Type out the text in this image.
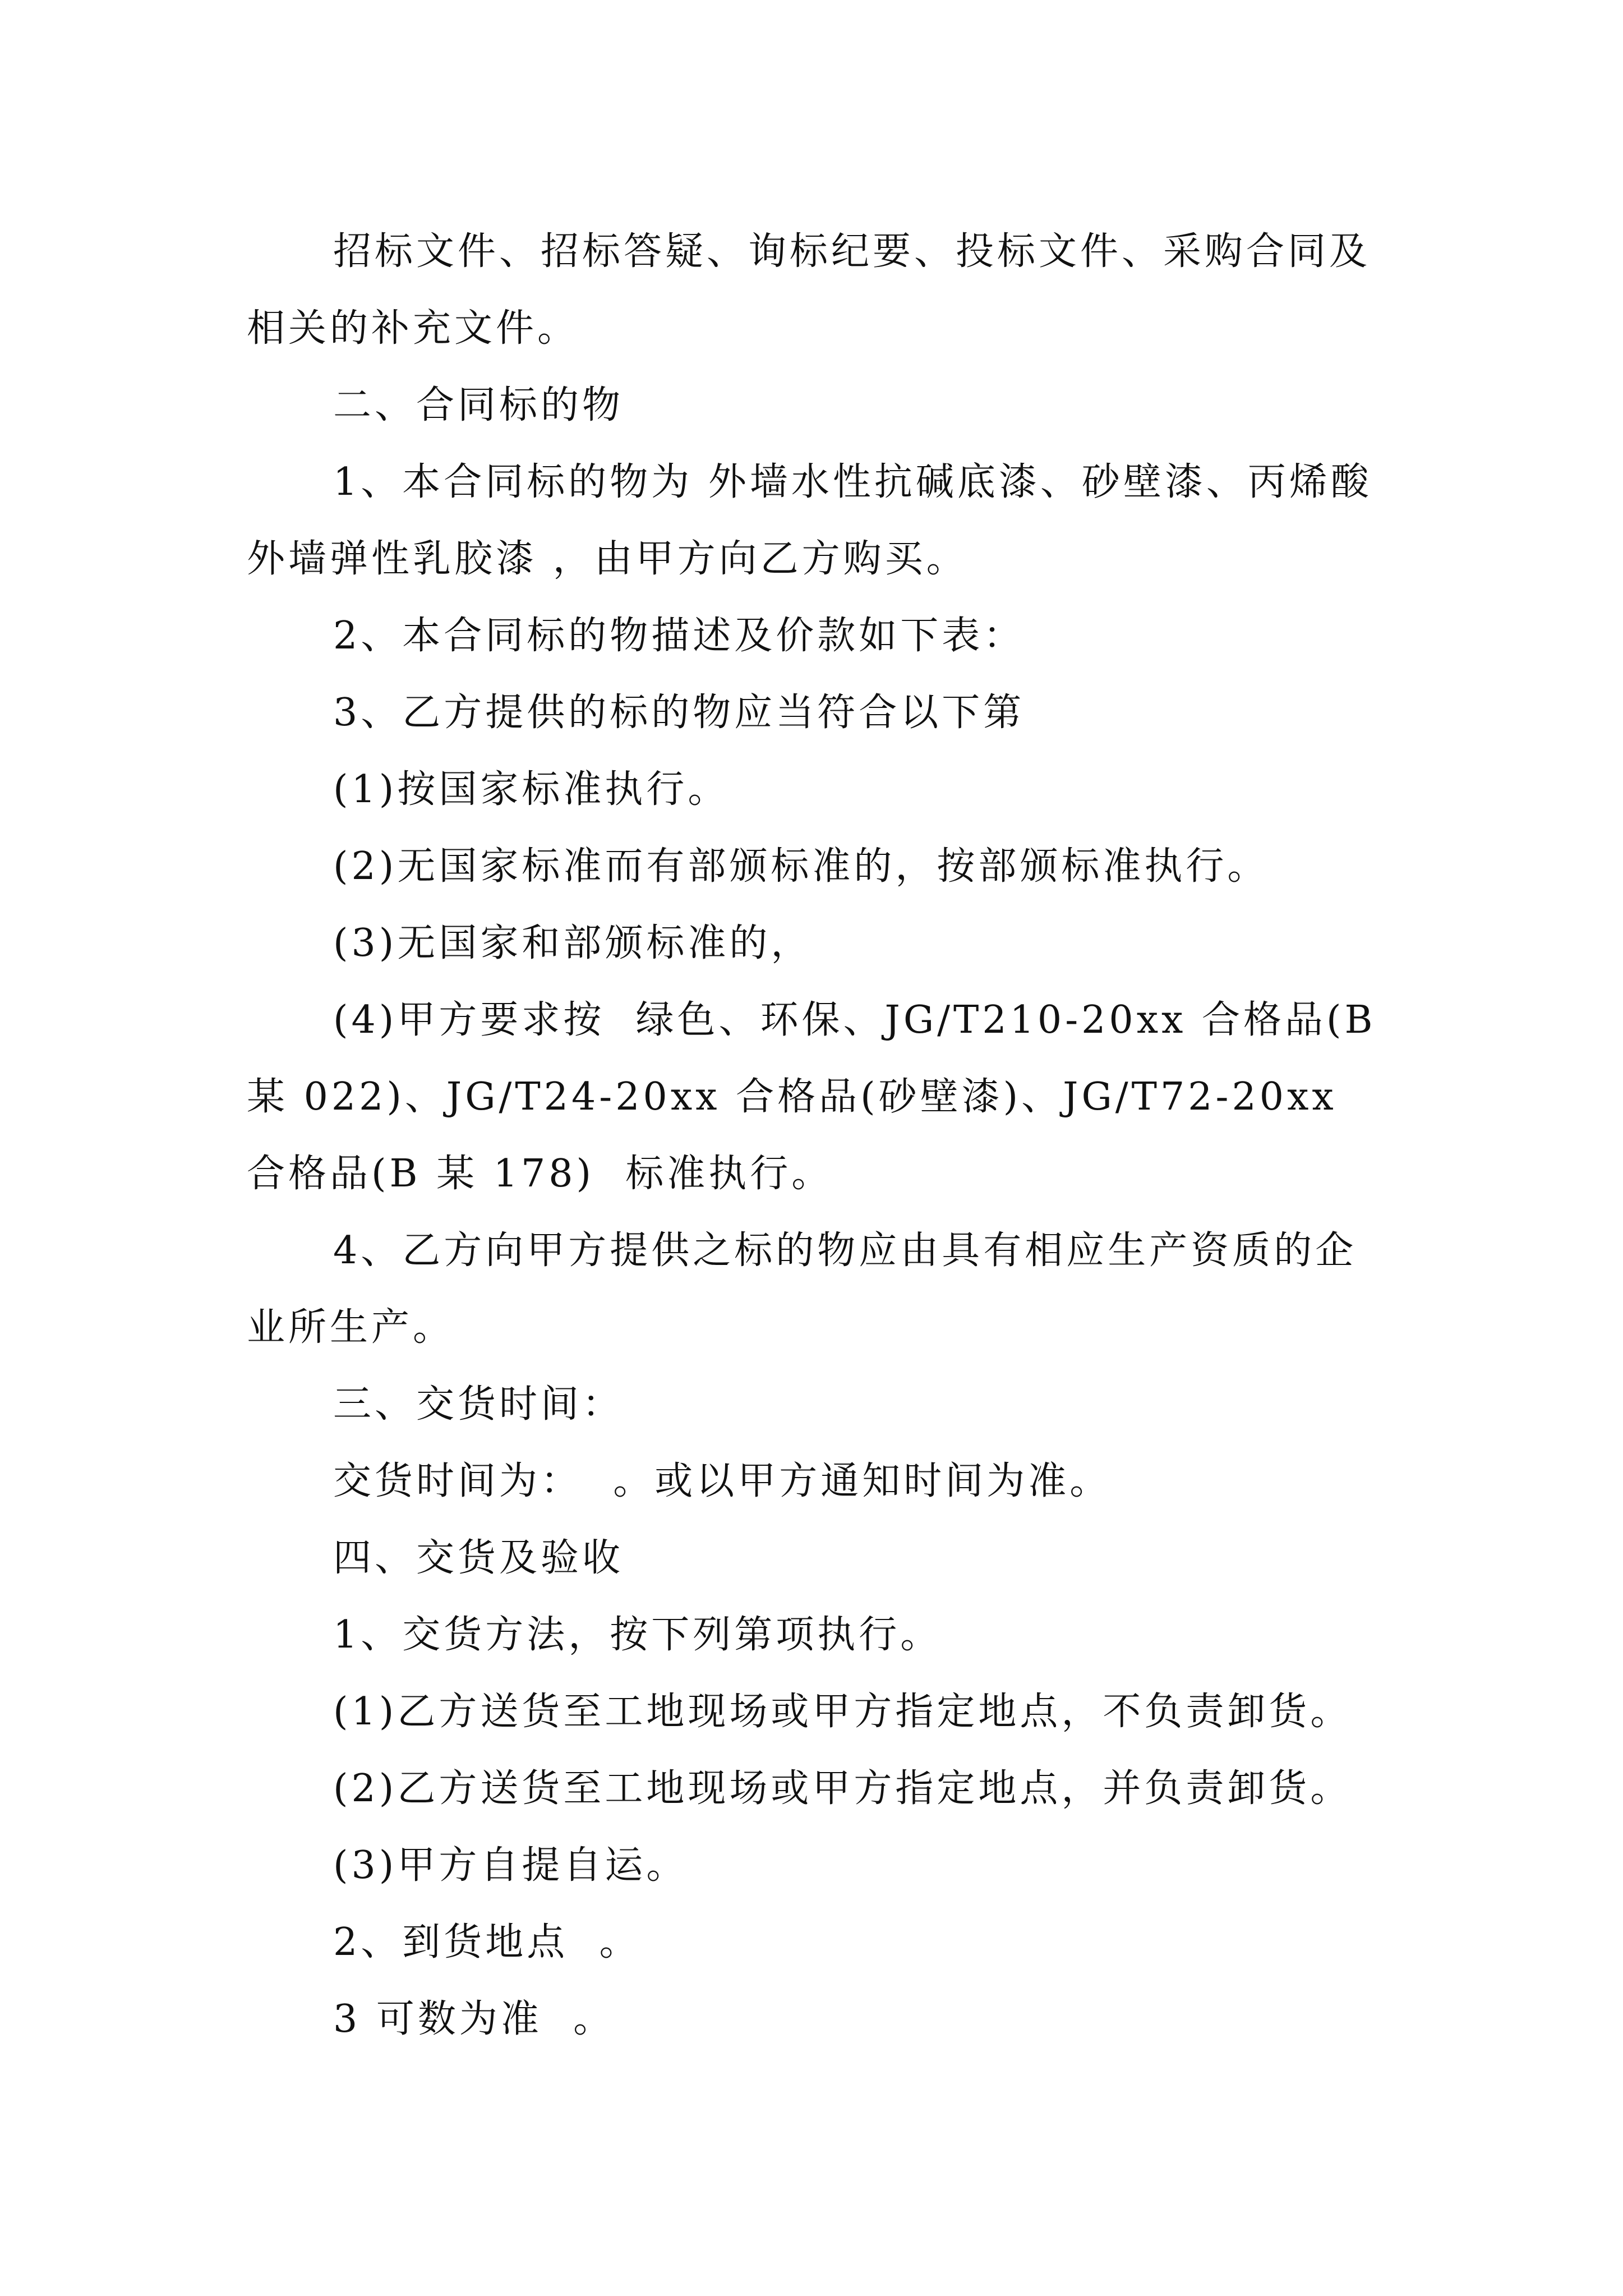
招标文件、招标答疑、询标纪要、投标文件、采购合同及相关的补充文件。

二、合同标的物

1、本合同标的物为 外墙水性抗碱底漆、砂壁漆、丙烯酸外墙弹性乳胶漆 ，由甲方向乙方购买。

2、本合同标的物描述及价款如下表：

3、乙方提供的标的物应当符合以下第

(1)按国家标准执行。

(2)无国家标准而有部颁标准的，按部颁标准执行。

(3)无国家和部颁标准的，

(4)甲方要求按  绿色、环保、JG/T210-20xx 合格品(B 某 022)、JG/T24-20xx 合格品(砂壁漆)、JG/T72-20xx 合格品(B 某 178)  标准执行。

4、乙方向甲方提供之标的物应由具有相应生产资质的企业所生产。

三、交货时间：

交货时间为：  。或以甲方通知时间为准。

四、交货及验收

1、交货方法，按下列第项执行。

(1)乙方送货至工地现场或甲方指定地点，不负责卸货。

(2)乙方送货至工地现场或甲方指定地点，并负责卸货。

(3)甲方自提自运。

2、到货地点  。

3 可数为准  。
